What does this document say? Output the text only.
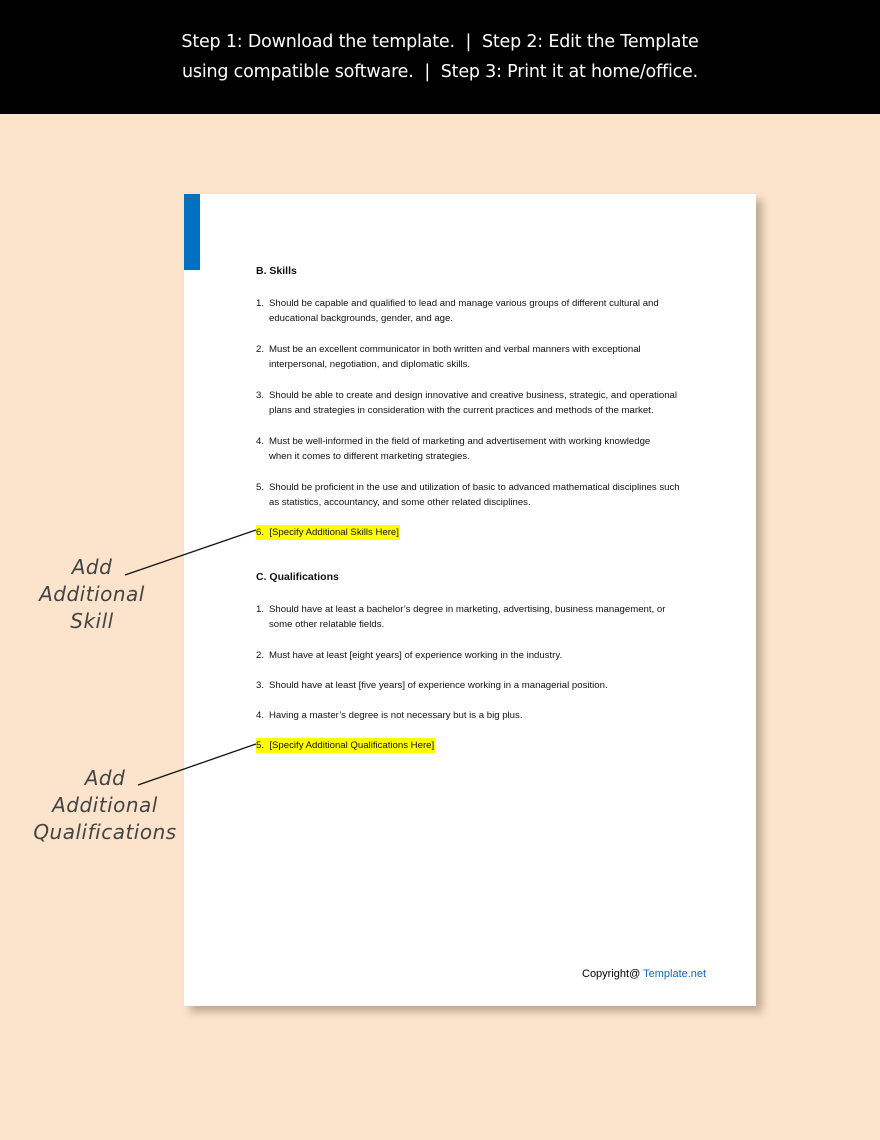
Step 1: Download the template.  |  Step 2: Edit the Template
using compatible software.  |  Step 3: Print it at home/office.
B. Skills
1. Should be capable and qualified to lead and manage various groups of different cultural and
educational backgrounds, gender, and age.
2. Must be an excellent communicator in both written and verbal manners with exceptional
interpersonal, negotiation, and diplomatic skills.
3. Should be able to create and design innovative and creative business, strategic, and operational
plans and strategies in consideration with the current practices and methods of the market.
4. Must be well-informed in the field of marketing and advertisement with working knowledge
when it comes to different marketing strategies.
5. Should be proficient in the use and utilization of basic to advanced mathematical disciplines such
as statistics, accountancy, and some other related disciplines.
6. [Specify Additional Skills Here]
C. Qualifications
1. Should have at least a bachelor’s degree in marketing, advertising, business management, or
some other relatable fields.
2. Must have at least [eight years] of experience working in the industry.
3. Should have at least [five years] of experience working in a managerial position.
4. Having a master’s degree is not necessary but is a big plus.
5. [Specify Additional Qualifications Here]
Copyright@ Template.net
Add
Additional
Skill
Add
Additional
Qualifications
